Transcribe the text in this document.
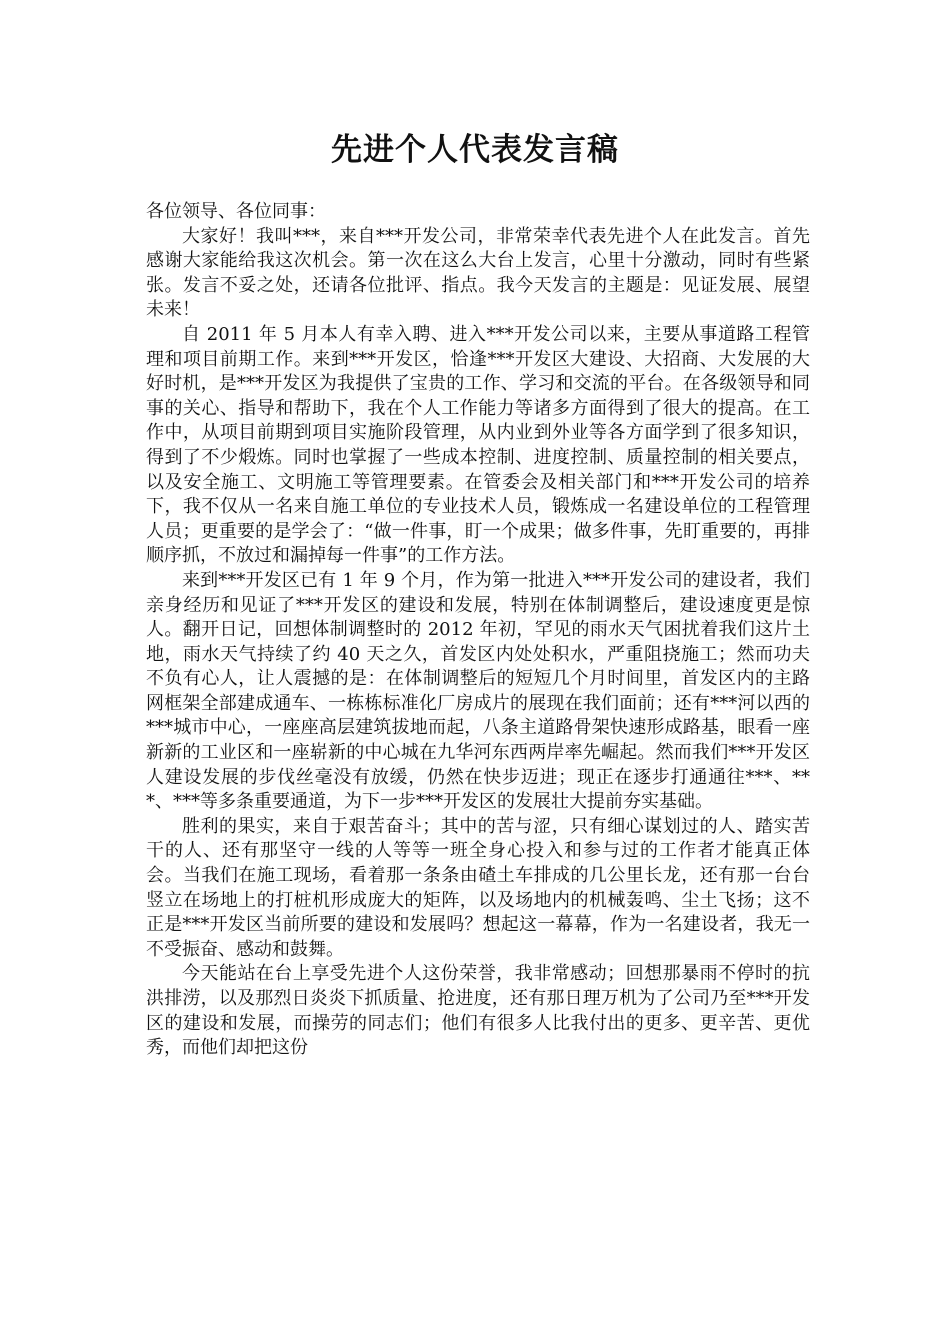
先进个人代表发言稿

各位领导、各位同事：

大家好！我叫***，来自***开发公司，非常荣幸代表先进个人在此发言。首先感谢大家能给我这次机会。第一次在这么大台上发言，心里十分激动，同时有些紧张。发言不妥之处，还请各位批评、指点。我今天发言的主题是：见证发展、展望未来！

自 2011 年 5 月本人有幸入聘、进入***开发公司以来，主要从事道路工程管理和项目前期工作。来到***开发区，恰逢***开发区大建设、大招商、大发展的大好时机，是***开发区为我提供了宝贵的工作、学习和交流的平台。在各级领导和同事的关心、指导和帮助下，我在个人工作能力等诸多方面得到了很大的提高。在工作中，从项目前期到项目实施阶段管理，从内业到外业等各方面学到了很多知识，得到了不少煅炼。同时也掌握了一些成本控制、进度控制、质量控制的相关要点，以及安全施工、文明施工等管理要素。在管委会及相关部门和***开发公司的培养下，我不仅从一名来自施工单位的专业技术人员，锻炼成一名建设单位的工程管理人员；更重要的是学会了：“做一件事，盯一个成果；做多件事，先盯重要的，再排顺序抓，不放过和漏掉每一件事”的工作方法。

来到***开发区已有 1 年 9 个月，作为第一批进入***开发公司的建设者，我们亲身经历和见证了***开发区的建设和发展，特别在体制调整后，建设速度更是惊人。翻开日记，回想体制调整时的 2012 年初，罕见的雨水天气困扰着我们这片土地，雨水天气持续了约 40 天之久，首发区内处处积水，严重阻挠施工；然而功夫不负有心人，让人震撼的是：在体制调整后的短短几个月时间里，首发区内的主路网框架全部建成通车、一栋栋标准化厂房成片的展现在我们面前；还有***河以西的***城市中心，一座座高层建筑拔地而起，八条主道路骨架快速形成路基，眼看一座新新的工业区和一座崭新的中心城在九华河东西两岸率先崛起。然而我们***开发区人建设发展的步伐丝毫没有放缓，仍然在快步迈进；现正在逐步打通通往***、***、***等多条重要通道，为下一步***开发区的发展壮大提前夯实基础。

胜利的果实，来自于艰苦奋斗；其中的苦与涩，只有细心谋划过的人、踏实苦干的人、还有那坚守一线的人等等一班全身心投入和参与过的工作者才能真正体会。当我们在施工现场，看着那一条条由碴土车排成的几公里长龙，还有那一台台竖立在场地上的打桩机形成庞大的矩阵，以及场地内的机械轰鸣、尘土飞扬；这不正是***开发区当前所要的建设和发展吗？想起这一幕幕，作为一名建设者，我无一不受振奋、感动和鼓舞。

今天能站在台上享受先进个人这份荣誉，我非常感动；回想那暴雨不停时的抗洪排涝，以及那烈日炎炎下抓质量、抢进度，还有那日理万机为了公司乃至***开发区的建设和发展，而操劳的同志们；他们有很多人比我付出的更多、更辛苦、更优秀，而他们却把这份
